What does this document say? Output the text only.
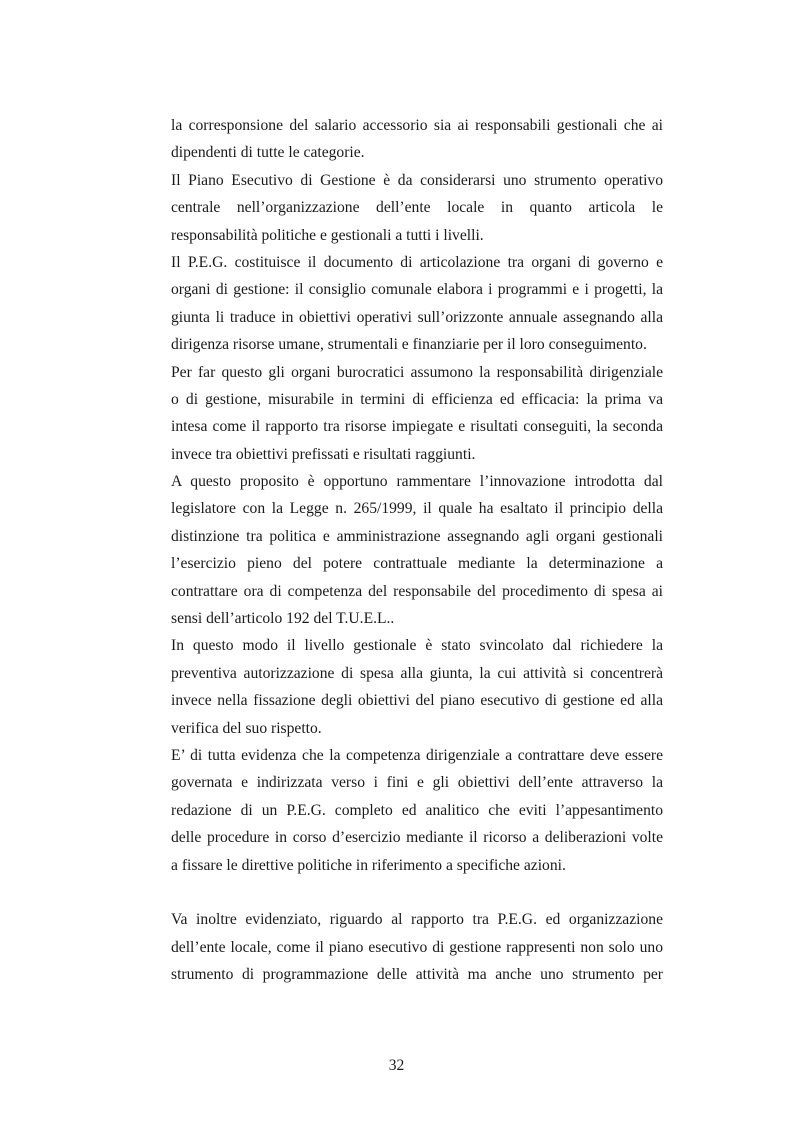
la corresponsione del salario accessorio sia ai responsabili gestionali che ai
dipendenti di tutte le categorie.
Il Piano Esecutivo di Gestione è da considerarsi uno strumento operativo
centrale nell’organizzazione dell’ente locale in quanto articola le
responsabilità politiche e gestionali a tutti i livelli.
Il P.E.G. costituisce il documento di articolazione tra organi di governo e
organi di gestione: il consiglio comunale elabora i programmi e i progetti, la
giunta li traduce in obiettivi operativi sull’orizzonte annuale assegnando alla
dirigenza risorse umane, strumentali e finanziarie per il loro conseguimento.
Per far questo gli organi burocratici assumono la responsabilità dirigenziale
o di gestione, misurabile in termini di efficienza ed efficacia: la prima va
intesa come il rapporto tra risorse impiegate e risultati conseguiti, la seconda
invece tra obiettivi prefissati e risultati raggiunti.
A questo proposito è opportuno rammentare l’innovazione introdotta dal
legislatore con la Legge n. 265/1999, il quale ha esaltato il principio della
distinzione tra politica e amministrazione assegnando agli organi gestionali
l’esercizio pieno del potere contrattuale mediante la determinazione a
contrattare ora di competenza del responsabile del procedimento di spesa ai
sensi dell’articolo 192 del T.U.E.L..
In questo modo il livello gestionale è stato svincolato dal richiedere la
preventiva autorizzazione di spesa alla giunta, la cui attività si concentrerà
invece nella fissazione degli obiettivi del piano esecutivo di gestione ed alla
verifica del suo rispetto.
E’ di tutta evidenza che la competenza dirigenziale a contrattare deve essere
governata e indirizzata verso i fini e gli obiettivi dell’ente attraverso la
redazione di un P.E.G. completo ed analitico che eviti l’appesantimento
delle procedure in corso d’esercizio mediante il ricorso a deliberazioni volte
a fissare le direttive politiche in riferimento a specifiche azioni.
Va inoltre evidenziato, riguardo al rapporto tra P.E.G. ed organizzazione
dell’ente locale, come il piano esecutivo di gestione rappresenti non solo uno
strumento di programmazione delle attività ma anche uno strumento per
32
